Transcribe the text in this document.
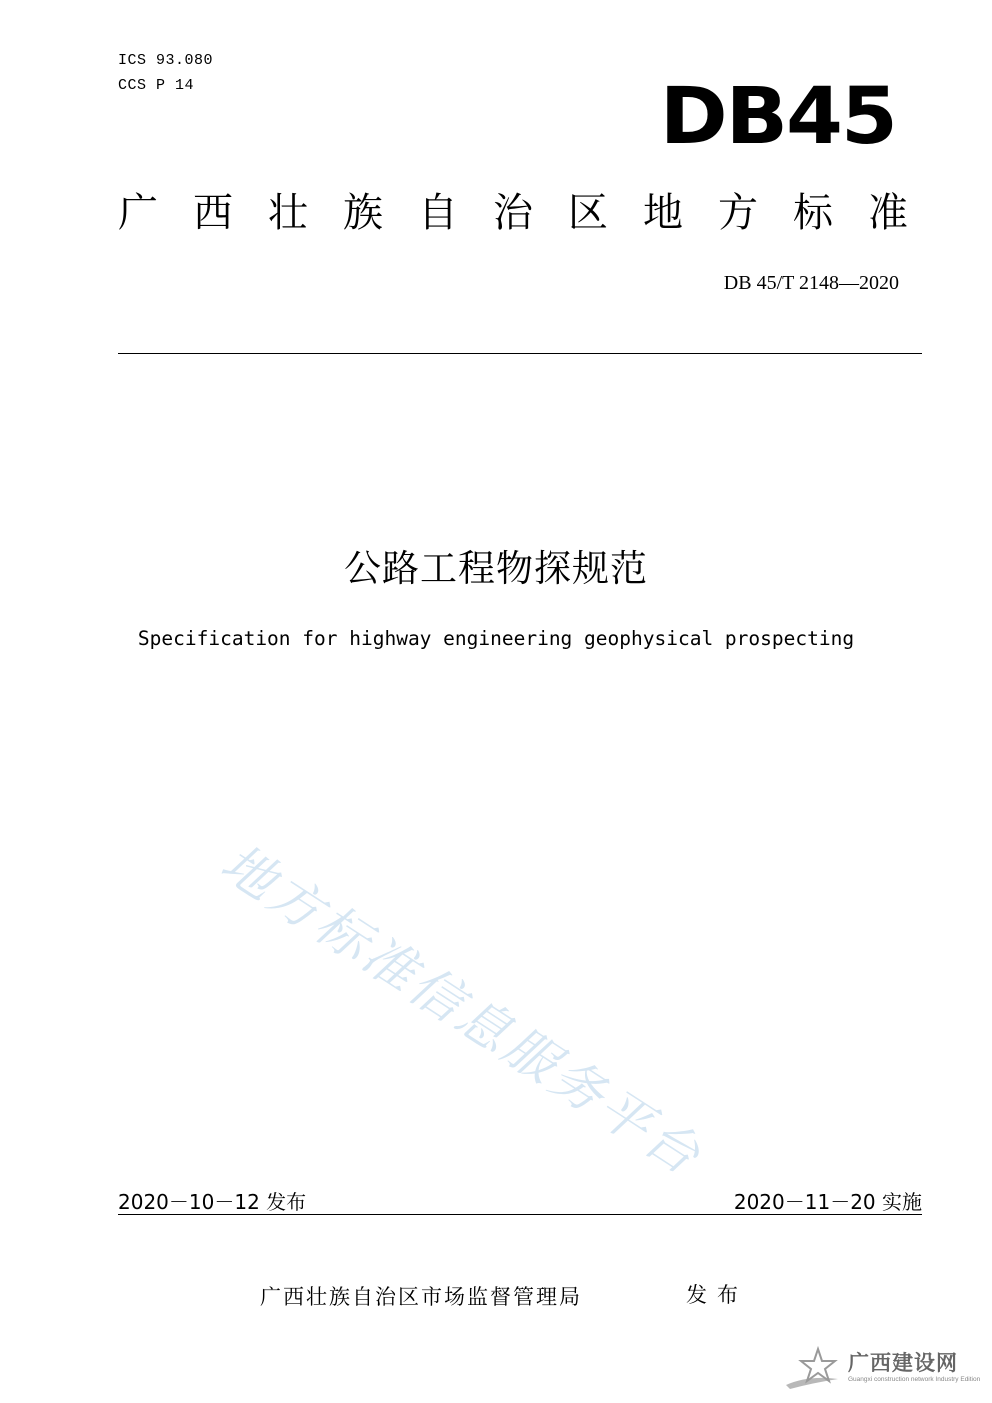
ICS 93.080
CCS P 14	DB45
广 西 壮 族 自 治 区 地 方 标 准
DB 45/T 2148—2020
公路工程物探规范
Specification for highway engineering geophysical prospecting
地方标准信息服务平台
2020－10－12 发布	2020－11－20 实施
广西壮族自治区市场监督管理局	发布
广西建设网
Guangxi construction network Industry Edition
